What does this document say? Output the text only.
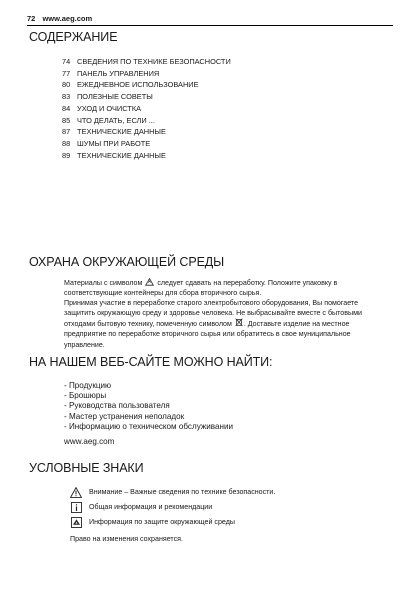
72 www.aeg.com
СОДЕРЖАНИЕ
74 СВЕДЕНИЯ ПО ТЕХНИКЕ БЕЗОПАСНОСТИ
77 ПАНЕЛЬ УПРАВЛЕНИЯ
80 ЕЖЕДНЕВНОЕ ИСПОЛЬЗОВАНИЕ
83 ПОЛЕЗНЫЕ СОВЕТЫ
84 УХОД И ОЧИСТКА
85 ЧТО ДЕЛАТЬ, ЕСЛИ ...
87 ТЕХНИЧЕСКИЕ ДАННЫЕ
88 ШУМЫ ПРИ РАБОТЕ
89 ТЕХНИЧЕСКИЕ ДАННЫЕ
ОХРАНА ОКРУЖАЮЩЕЙ СРЕДЫ

Материалы с символом следует сдавать на переработку. Положите упаковку в
соответствующие контейнеры для сбора вторичного сырья.
Принимая участие в переработке старого электробытового оборудования, Вы помогаете
защитить окружающую среду и здоровье человека. Не выбрасывайте вместе с бытовыми
отходами бытовую технику, помеченную символом . Доставьте изделие на местное
предприятие по переработке вторичного сырья или обратитесь в свое муниципальное
управление.

НА НАШЕМ ВЕБ-САЙТЕ МОЖНО НАЙТИ:
- Продукцию
- Брошюры
- Руководства пользователя
- Мастер устранения неполадок
- Информацию о техническом обслуживании
www.aeg.com
УСЛОВНЫЕ ЗНАКИ
Внимание – Важные сведения по технике безопасности.
Общая информация и рекомендации
Информация по защите окружающей среды
Право на изменения сохраняется.
